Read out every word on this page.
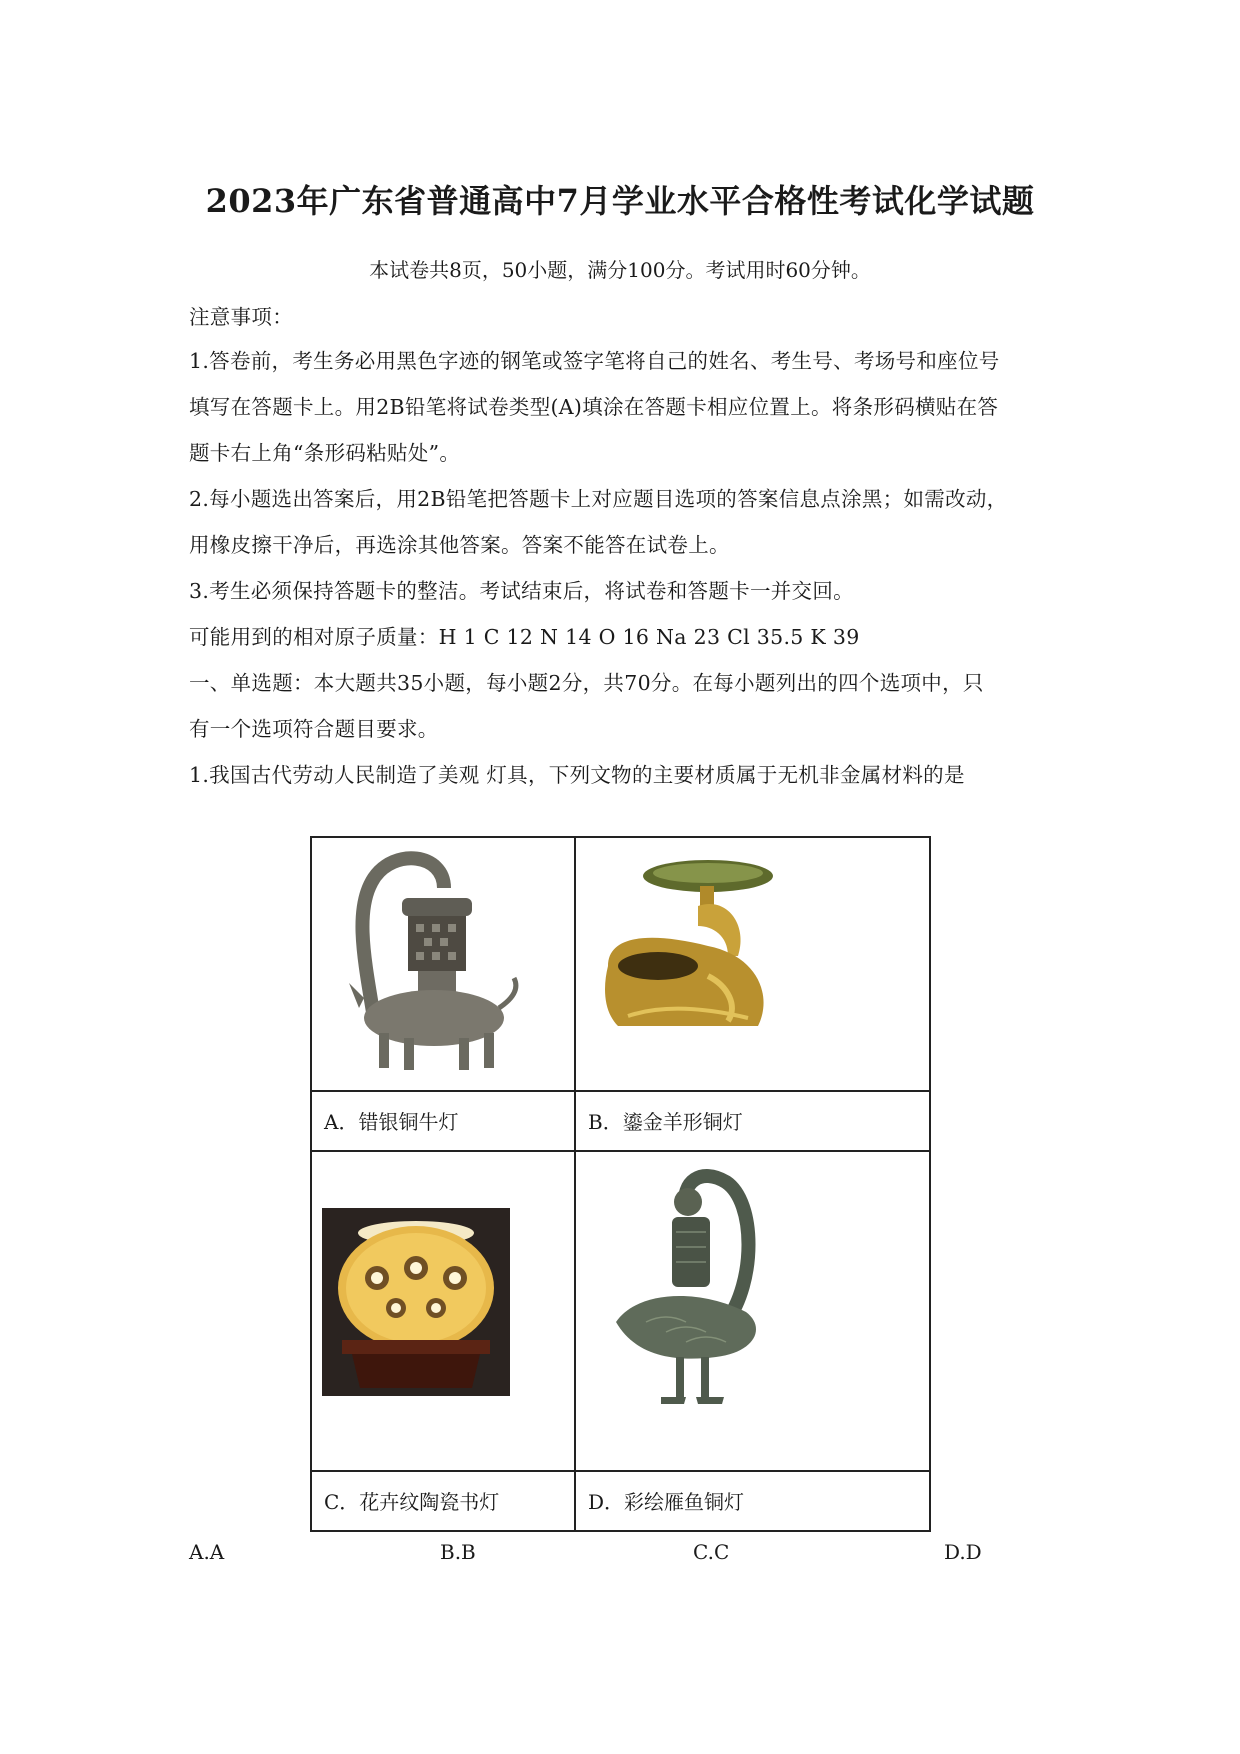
2023年广东省普通高中7月学业水平合格性考试化学试题
本试卷共8页，50小题，满分100分。考试用时60分钟。
注意事项：
1.答卷前，考生务必用黑色字迹的钢笔或签字笔将自己的姓名、考生号、考场号和座位号
填写在答题卡上。用2B铅笔将试卷类型(A)填涂在答题卡相应位置上。将条形码横贴在答
题卡右上角“条形码粘贴处”。
2.每小题选出答案后，用2B铅笔把答题卡上对应题目选项的答案信息点涂黑；如需改动，
用橡皮擦干净后，再选涂其他答案。答案不能答在试卷上。
3.考生必须保持答题卡的整洁。考试结束后，将试卷和答题卡一并交回。
可能用到的相对原子质量：H 1 C 12 N 14 O 16 Na 23 Cl 35.5 K 39
一、单选题：本大题共35小题，每小题2分，共70分。在每小题列出的四个选项中，只
有一个选项符合题目要求。
1.我国古代劳动人民制造了美观 灯具，下列文物的主要材质属于无机非金属材料的是

A．错银铜牛灯	B．鎏金羊形铜灯

C．花卉纹陶瓷书灯	D．彩绘雁鱼铜灯
A.A	B.B	C.C	D.D
